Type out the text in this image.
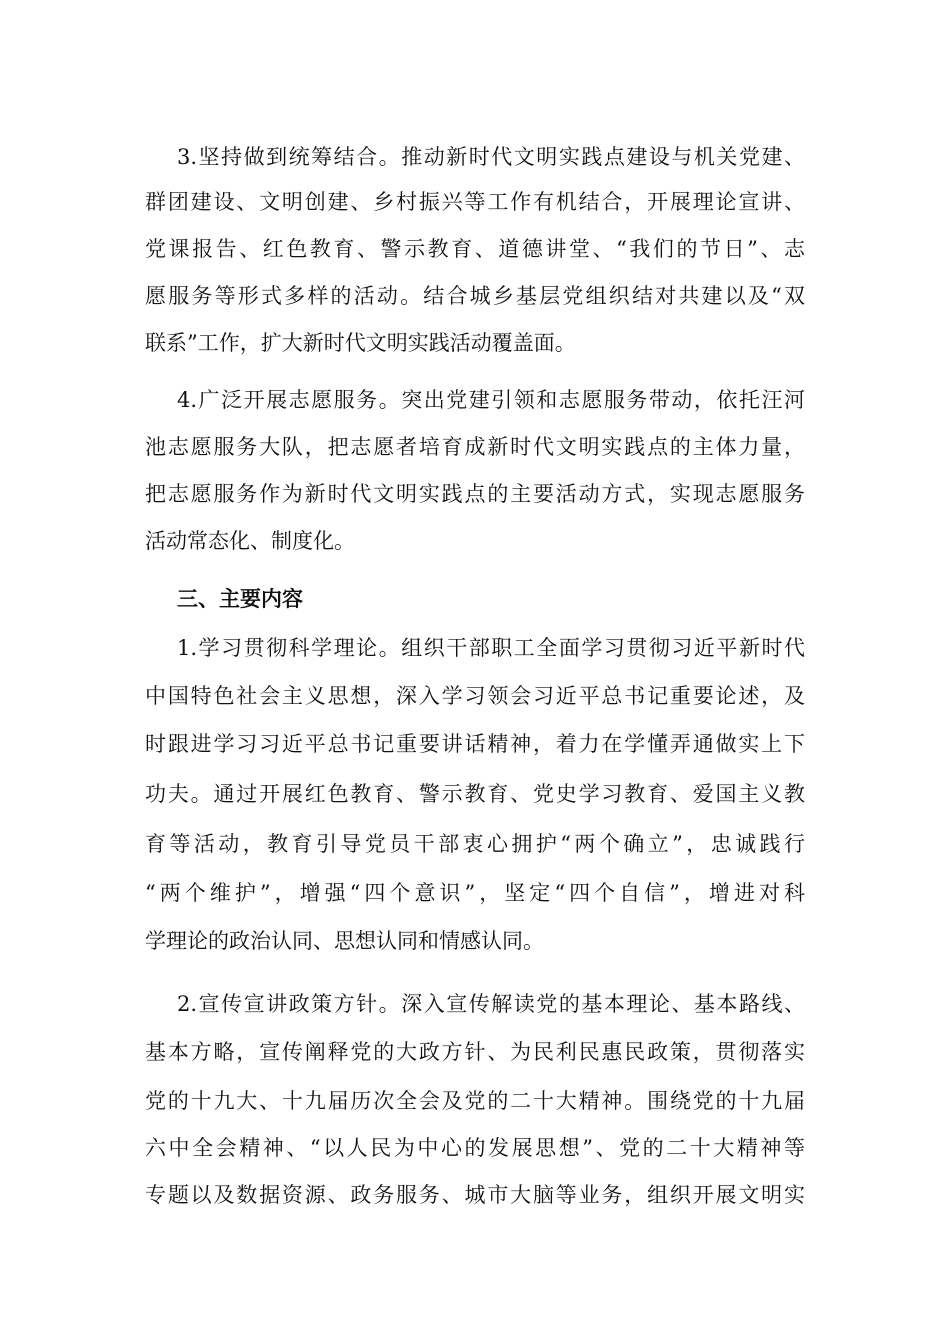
3.坚持做到统筹结合。推动新时代文明实践点建设与机关党建、
群团建设、文明创建、乡村振兴等工作有机结合，开展理论宣讲、
党课报告、红色教育、警示教育、道德讲堂、“我们的节日”、志
愿服务等形式多样的活动。结合城乡基层党组织结对共建以及“双
联系”工作，扩大新时代文明实践活动覆盖面。
4.广泛开展志愿服务。突出党建引领和志愿服务带动，依托汪河
池志愿服务大队，把志愿者培育成新时代文明实践点的主体力量，
把志愿服务作为新时代文明实践点的主要活动方式，实现志愿服务
活动常态化、制度化。
三、主要内容
1.学习贯彻科学理论。组织干部职工全面学习贯彻习近平新时代
中国特色社会主义思想，深入学习领会习近平总书记重要论述，及
时跟进学习习近平总书记重要讲话精神，着力在学懂弄通做实上下
功夫。通过开展红色教育、警示教育、党史学习教育、爱国主义教
育等活动，教育引导党员干部衷心拥护“两个确立”，忠诚践行
“两个维护”，增强“四个意识”，坚定“四个自信”，增进对科
学理论的政治认同、思想认同和情感认同。
2.宣传宣讲政策方针。深入宣传解读党的基本理论、基本路线、
基本方略，宣传阐释党的大政方针、为民利民惠民政策，贯彻落实
党的十九大、十九届历次全会及党的二十大精神。围绕党的十九届
六中全会精神、“以人民为中心的发展思想”、党的二十大精神等
专题以及数据资源、政务服务、城市大脑等业务，组织开展文明实
